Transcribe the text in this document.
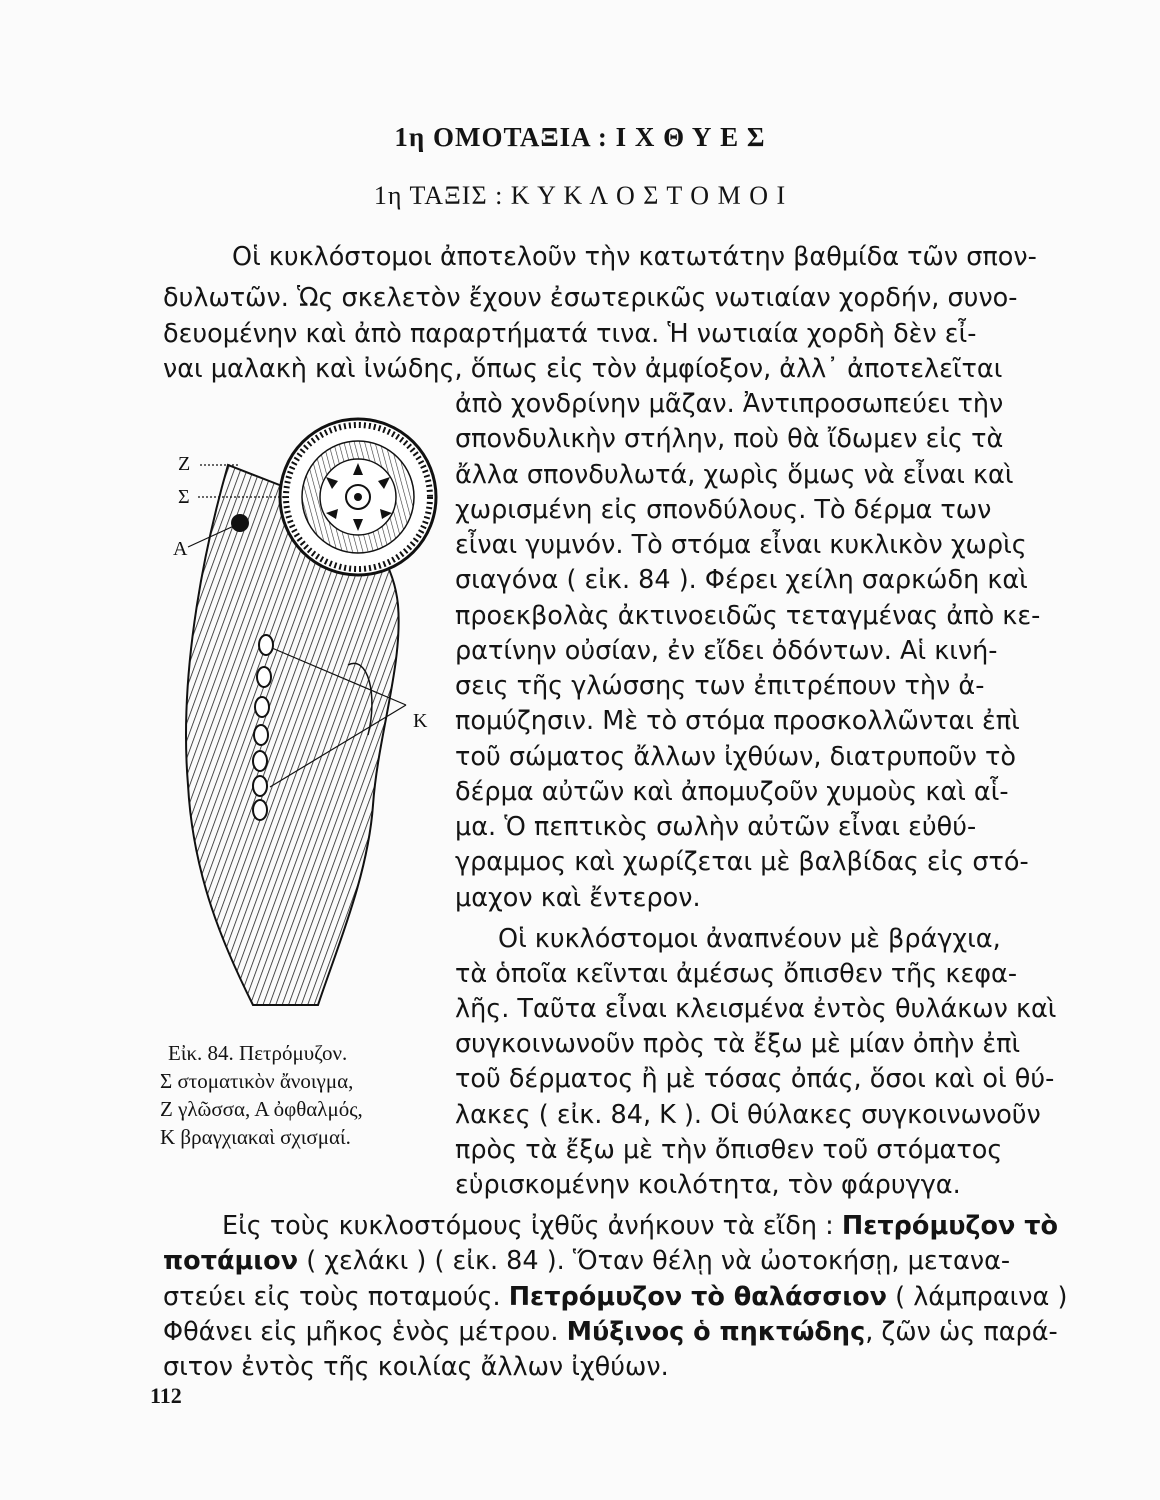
1η ΟΜΟΤΑΞΙΑ : Ι Χ Θ Υ Ε Σ
1η ΤΑΞΙΣ : Κ Υ Κ Λ Ο Σ Τ Ο Μ Ο Ι
Οἱ κυκλόστομοι ἀποτελοῦν τὴν κατωτάτην βαθμίδα τῶν σπον-
δυλωτῶν. Ὡς σκελετὸν ἔχουν ἐσωτερικῶς νωτιαίαν χορδήν, συνο-
δευομένην καὶ ἀπὸ παραρτήματά τινα. Ἡ νωτιαία χορδὴ δὲν εἶ-
ναι μαλακὴ καὶ ἰνώδης, ὅπως εἰς τὸν ἀμφίοξον, ἀλλ᾽ ἀποτελεῖται
ἀπὸ χονδρίνην μᾶζαν. Ἀντιπροσωπεύει τὴν
σπονδυλικὴν στήλην, ποὺ θὰ ἴδωμεν εἰς τὰ
ἄλλα σπονδυλωτά, χωρὶς ὅμως νὰ εἶναι καὶ
χωρισμένη εἰς σπονδύλους. Τὸ δέρμα των
εἶναι γυμνόν. Τὸ στόμα εἶναι κυκλικὸν χωρὶς
σιαγόνα ( εἰκ. 84 ). Φέρει χείλη σαρκώδη καὶ
προεκβολὰς ἀκτινοειδῶς τεταγμένας ἀπὸ κε-
ρατίνην οὐσίαν, ἐν εἴδει ὀδόντων. Αἱ κινή-
σεις τῆς γλώσσης των ἐπιτρέπουν τὴν ἀ-
πομύζησιν. Μὲ τὸ στόμα προσκολλῶνται ἐπὶ
τοῦ σώματος ἄλλων ἰχθύων, διατρυποῦν τὸ
δέρμα αὐτῶν καὶ ἀπομυζοῦν χυμοὺς καὶ αἷ-
μα. Ὁ πεπτικὸς σωλὴν αὐτῶν εἶναι εὐθύ-
γραμμος καὶ χωρίζεται μὲ βαλβίδας εἰς στό-
μαχον καὶ ἔντερον.
Οἱ κυκλόστομοι ἀναπνέουν μὲ βράγχια,
τὰ ὁποῖα κεῖνται ἀμέσως ὄπισθεν τῆς κεφα-
λῆς. Ταῦτα εἶναι κλεισμένα ἐντὸς θυλάκων καὶ
συγκοινωνοῦν πρὸς τὰ ἔξω μὲ μίαν ὀπὴν ἐπὶ
τοῦ δέρματος ἢ μὲ τόσας ὀπάς, ὅσοι καὶ οἱ θύ-
λακες ( εἰκ. 84, Κ ). Οἱ θύλακες συγκοινωνοῦν
πρὸς τὰ ἔξω μὲ τὴν ὄπισθεν τοῦ στόματος
εὑρισκομένην κοιλότητα, τὸν φάρυγγα.
Εἰς τοὺς κυκλοστόμους ἰχθῦς ἀνήκουν τὰ εἴδη : Πετρόμυζον τὸ
ποτάμιον ( χελάκι ) ( εἰκ. 84 ). Ὅταν θέλῃ νὰ ὠοτοκήσῃ, μετανα-
στεύει εἰς τοὺς ποταμούς. Πετρόμυζον τὸ θαλάσσιον ( λάμπραινα )
Φθάνει εἰς μῆκος ἑνὸς μέτρου. Μύξινος ὁ πηκτώδης, ζῶν ὡς παρά-
σιτον ἐντὸς τῆς κοιλίας ἄλλων ἰχθύων.
Z
Σ
A
K
Εἰκ. 84. Πετρόμυζον.
Σ στοματικὸν ἄνοιγμα,
Ζ γλῶσσα, Α ὀφθαλμός,
Κ βραγχιακαὶ σχισμαί.
112
